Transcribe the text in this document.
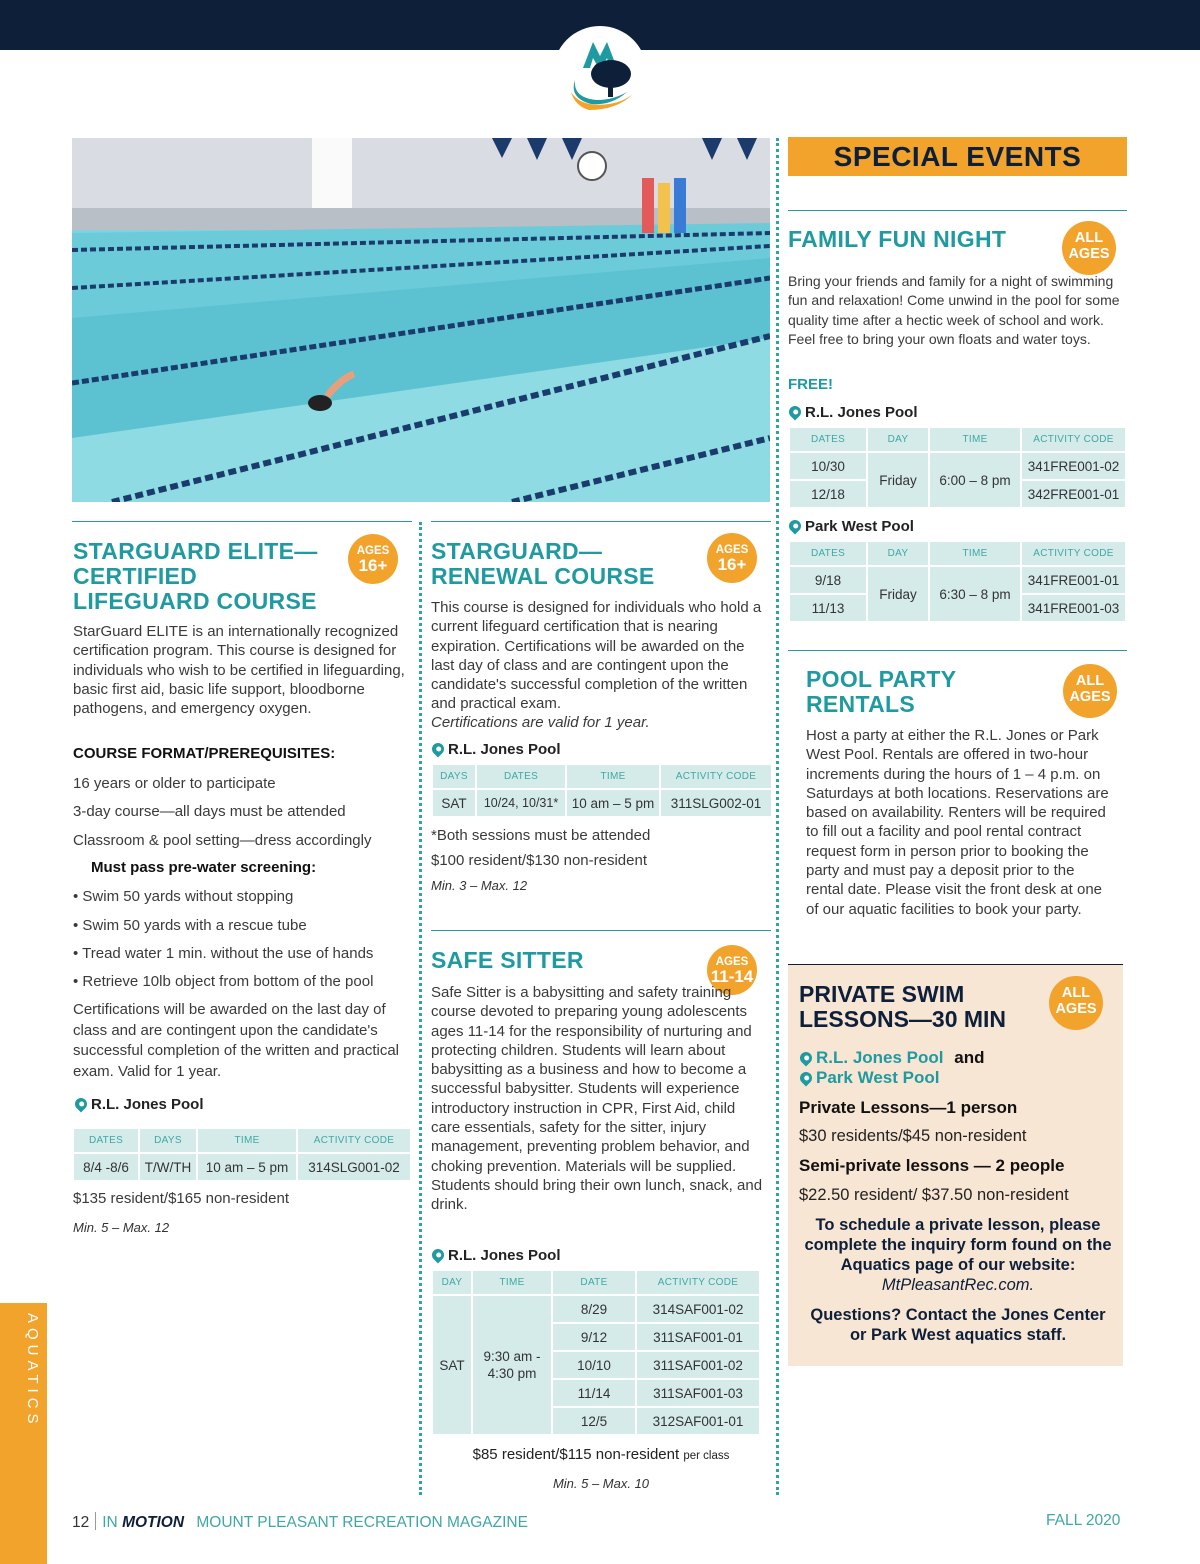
STARGUARD ELITE—
CERTIFIED
LIFEGUARD COURSE
AGES
16+
StarGuard ELITE is an internationally recognized certification program. This course is designed for individuals who wish to be certified in lifeguarding, basic first aid, basic life support, bloodborne pathogens, and emergency oxygen.
COURSE FORMAT/PREREQUISITES:
16 years or older to participate
3-day course—all days must be attended
Classroom & pool setting—dress accordingly
Must pass pre-water screening:
• Swim 50 yards without stopping
• Swim 50 yards with a rescue tube
• Tread water 1 min. without the use of hands
• Retrieve 10lb object from bottom of the pool
Certifications will be awarded on the last day of class and are contingent upon the candidate's successful completion of the written and practical exam. Valid for 1 year.
R.L. Jones Pool
DATES	DAYS	TIME	ACTIVITY CODE
8/4 -8/6	T/W/TH	10 am – 5 pm	314SLG001-02
$135 resident/$165 non-resident
Min. 5 – Max. 12
STARGUARD—
RENEWAL COURSE
AGES
16+
This course is designed for individuals who hold a current lifeguard certification that is nearing expiration. Certifications will be awarded on the last day of class and are contingent upon the candidate's successful completion of the written and practical exam.
Certifications are valid for 1 year.
R.L. Jones Pool
DAYS	DATES	TIME	ACTIVITY CODE
SAT	10/24, 10/31*	10 am – 5 pm	311SLG002-01
*Both sessions must be attended
$100 resident/$130 non-resident
Min. 3 – Max. 12
SAFE SITTER	AGES
11-14
Safe Sitter is a babysitting and safety training course devoted to preparing young adolescents ages 11-14 for the responsibility of nurturing and protecting children. Students will learn about babysitting as a business and how to become a successful babysitter. Students will experience introductory instruction in CPR, First Aid, child care essentials, safety for the sitter, injury management, preventing problem behavior, and choking prevention. Materials will be supplied. Students should bring their own lunch, snack, and drink.
R.L. Jones Pool
DAY	TIME	DATE	ACTIVITY CODE
SAT	9:30 am - 4:30 pm	8/29	314SAF001-02
		9/12	311SAF001-01
		10/10	311SAF001-02
		11/14	311SAF001-03
		12/5	312SAF001-01
$85 resident/$115 non-resident per class
Min. 5 – Max. 10
SPECIAL EVENTS
FAMILY FUN NIGHT	ALL
AGES
Bring your friends and family for a night of swimming fun and relaxation! Come unwind in the pool for some quality time after a hectic week of school and work. Feel free to bring your own floats and water toys.
FREE!
R.L. Jones Pool
DATES	DAY	TIME	ACTIVITY CODE
10/30	Friday	6:00 – 8 pm	341FRE001-02
12/18			342FRE001-01
Park West Pool
DATES	DAY	TIME	ACTIVITY CODE
9/18	Friday	6:30 – 8 pm	341FRE001-01
11/13			341FRE001-03
POOL PARTY
RENTALS
ALL
AGES
Host a party at either the R.L. Jones or Park West Pool. Rentals are offered in two-hour increments during the hours of 1 – 4 p.m. on Saturdays at both locations. Reservations are based on availability. Renters will be required to fill out a facility and pool rental contract request form in person prior to booking the party and must pay a deposit prior to the rental date. Please visit the front desk at one of our aquatic facilities to book your party.
PRIVATE SWIM
LESSONS—30 MIN
ALL
AGES
R.L. Jones Pool and
Park West Pool
Private Lessons—1 person
$30 residents/$45 non-resident
Semi-private lessons — 2 people
$22.50 resident/ $37.50 non-resident
To schedule a private lesson, please complete the inquiry form found on the Aquatics page of our website:
MtPleasantRec.com.
Questions? Contact the Jones Center or Park West aquatics staff.
AQUATICS
12 IN MOTION MOUNT PLEASANT RECREATION MAGAZINE	FALL 2020
